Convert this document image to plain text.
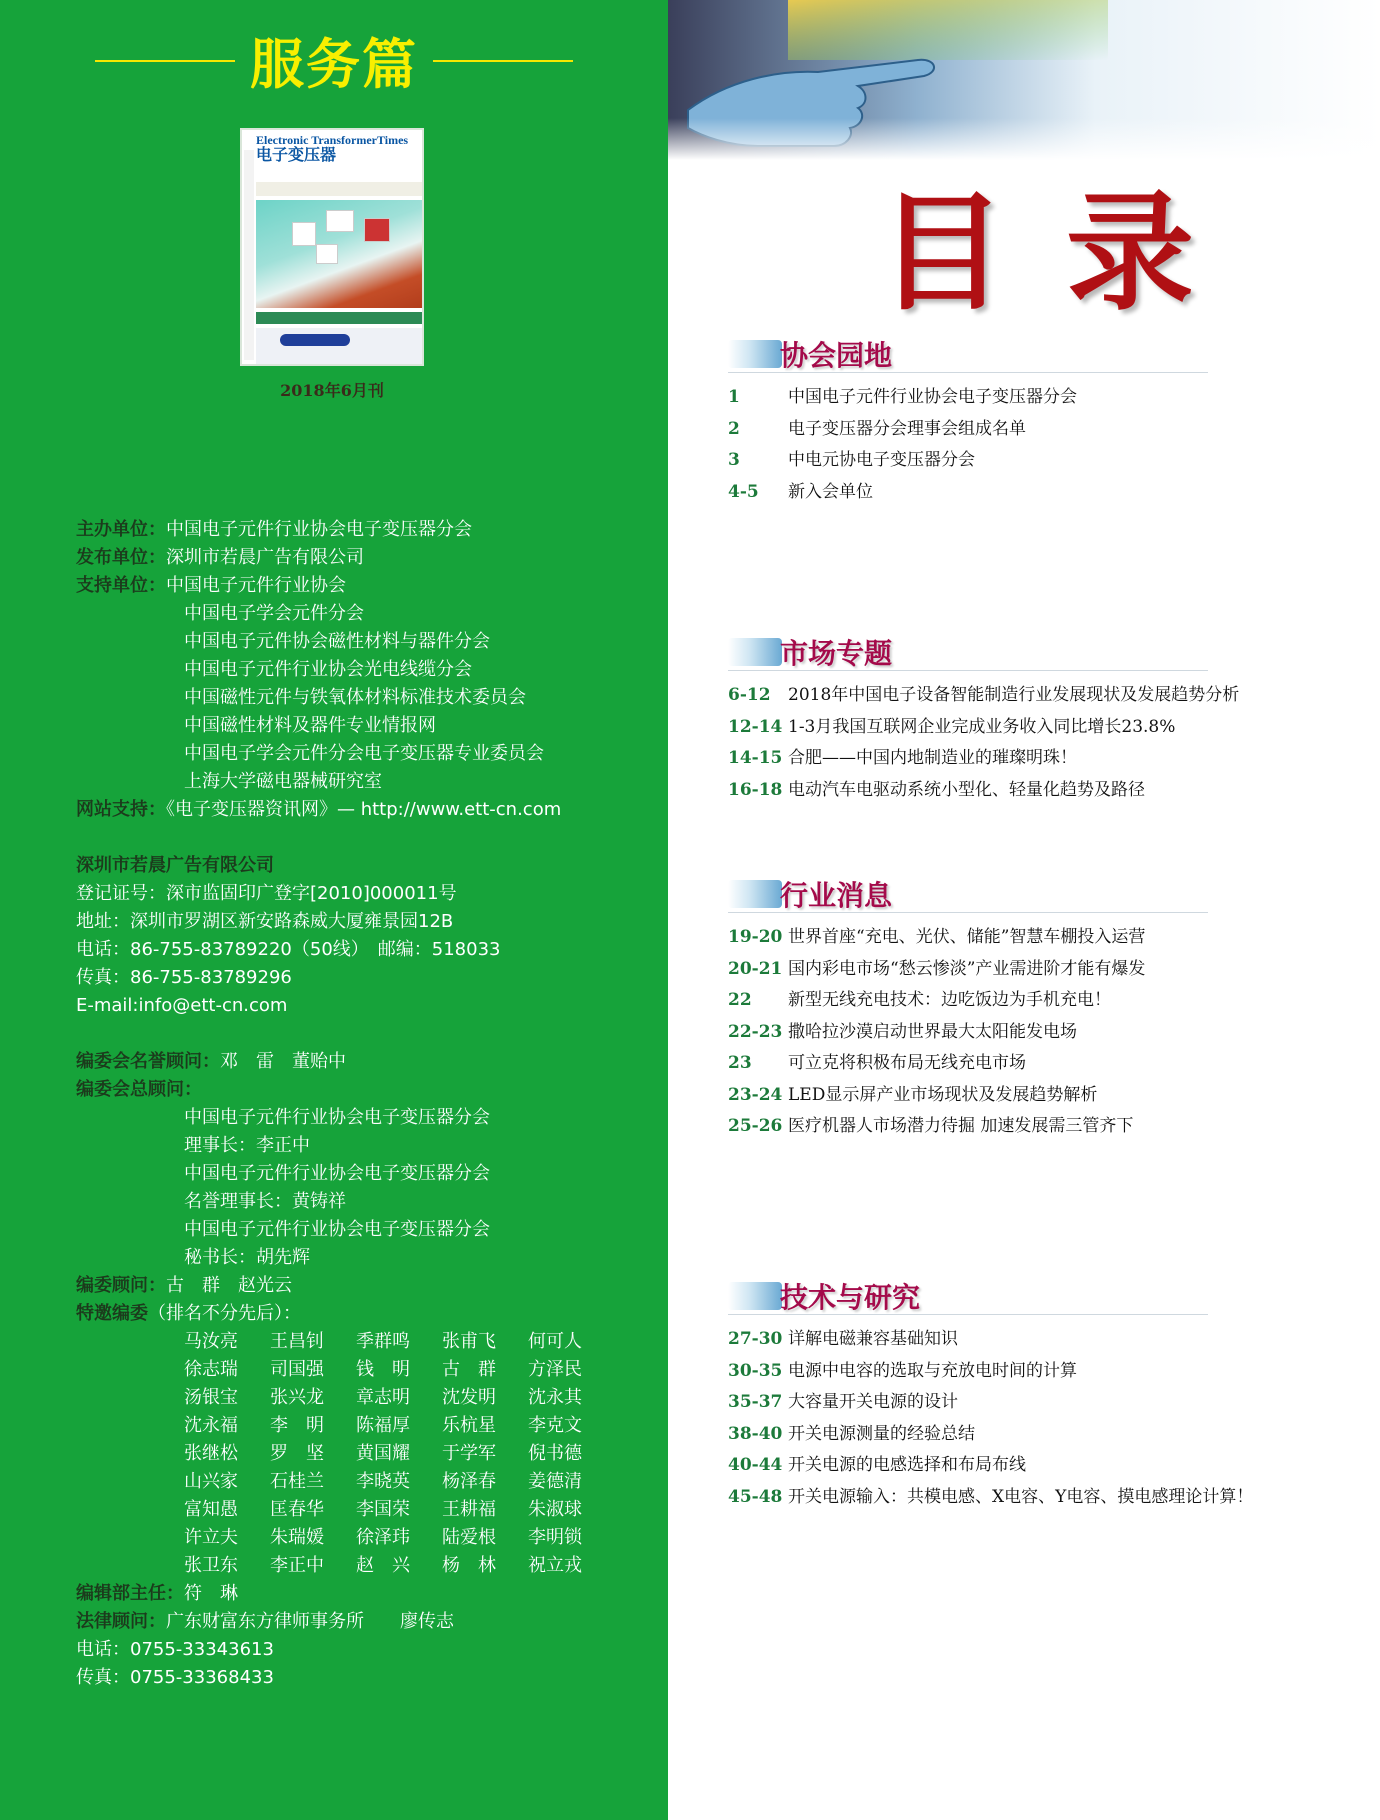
服务篇
Electronic TransformerTimes
电子变压器
2018年6月刊
主办单位：中国电子元件行业协会电子变压器分会
发布单位：深圳市若晨广告有限公司
支持单位：中国电子元件行业协会
中国电子学会元件分会
中国电子元件协会磁性材料与器件分会
中国电子元件行业协会光电线缆分会
中国磁性元件与铁氧体材料标准技术委员会
中国磁性材料及器件专业情报网
中国电子学会元件分会电子变压器专业委员会
上海大学磁电器械研究室
网站支持：《电子变压器资讯网》— http://www.ett-cn.com
深圳市若晨广告有限公司
登记证号：深市监固印广登字[2010]000011号
地址：深圳市罗湖区新安路森威大厦雍景园12B
电话：86-755-83789220（50线）　邮编：518033
传真：86-755-83789296
E-mail:info@ett-cn.com
编委会名誉顾问：邓　雷　董贻中
编委会总顾问：
中国电子元件行业协会电子变压器分会
理事长：李正中
中国电子元件行业协会电子变压器分会
名誉理事长：黄铸祥
中国电子元件行业协会电子变压器分会
秘书长：胡先辉
编委顾问：古　群　赵光云
特邀编委（排名不分先后）：
马汝亮	王昌钊	季群鸣	张甫飞	何可人
徐志瑞	司国强	钱　明	古　群	方泽民
汤银宝	张兴龙	章志明	沈发明	沈永其
沈永福	李　明	陈福厚	乐杭星	李克文
张继松	罗　坚	黄国耀	于学军	倪书德
山兴家	石桂兰	李晓英	杨泽春	姜德清
富知愚	匡春华	李国荣	王耕福	朱淑球
许立夫	朱瑞媛	徐泽玮	陆爱根	李明锁
张卫东	李正中	赵　兴	杨　林	祝立戎
编辑部主任：符　琳
法律顾问：广东财富东方律师事务所　　廖传志
电话：0755-33343613
传真：0755-33368433
目录
协会园地
1	中国电子元件行业协会电子变压器分会
2	电子变压器分会理事会组成名单
3	中电元协电子变压器分会
4-5 新入会单位
市场专题
6-12 2018年中国电子设备智能制造行业发展现状及发展趋势分析
12-14 1-3月我国互联网企业完成业务收入同比增长23.8%
14-15 合肥——中国内地制造业的璀璨明珠！
16-18 电动汽车电驱动系统小型化、轻量化趋势及路径
行业消息
19-20 世界首座“充电、光伏、储能”智慧车棚投入运营
20-21 国内彩电市场“愁云惨淡”产业需进阶才能有爆发
22 新型无线充电技术：边吃饭边为手机充电！
22-23 撒哈拉沙漠启动世界最大太阳能发电场
23 可立克将积极布局无线充电市场
23-24 LED显示屏产业市场现状及发展趋势解析
25-26 医疗机器人市场潜力待掘 加速发展需三管齐下
技术与研究
27-30 详解电磁兼容基础知识
30-35 电源中电容的选取与充放电时间的计算
35-37 大容量开关电源的设计
38-40 开关电源测量的经验总结
40-44 开关电源的电感选择和布局布线
45-48 开关电源输入：共模电感、X电容、Y电容、摸电感理论计算！
